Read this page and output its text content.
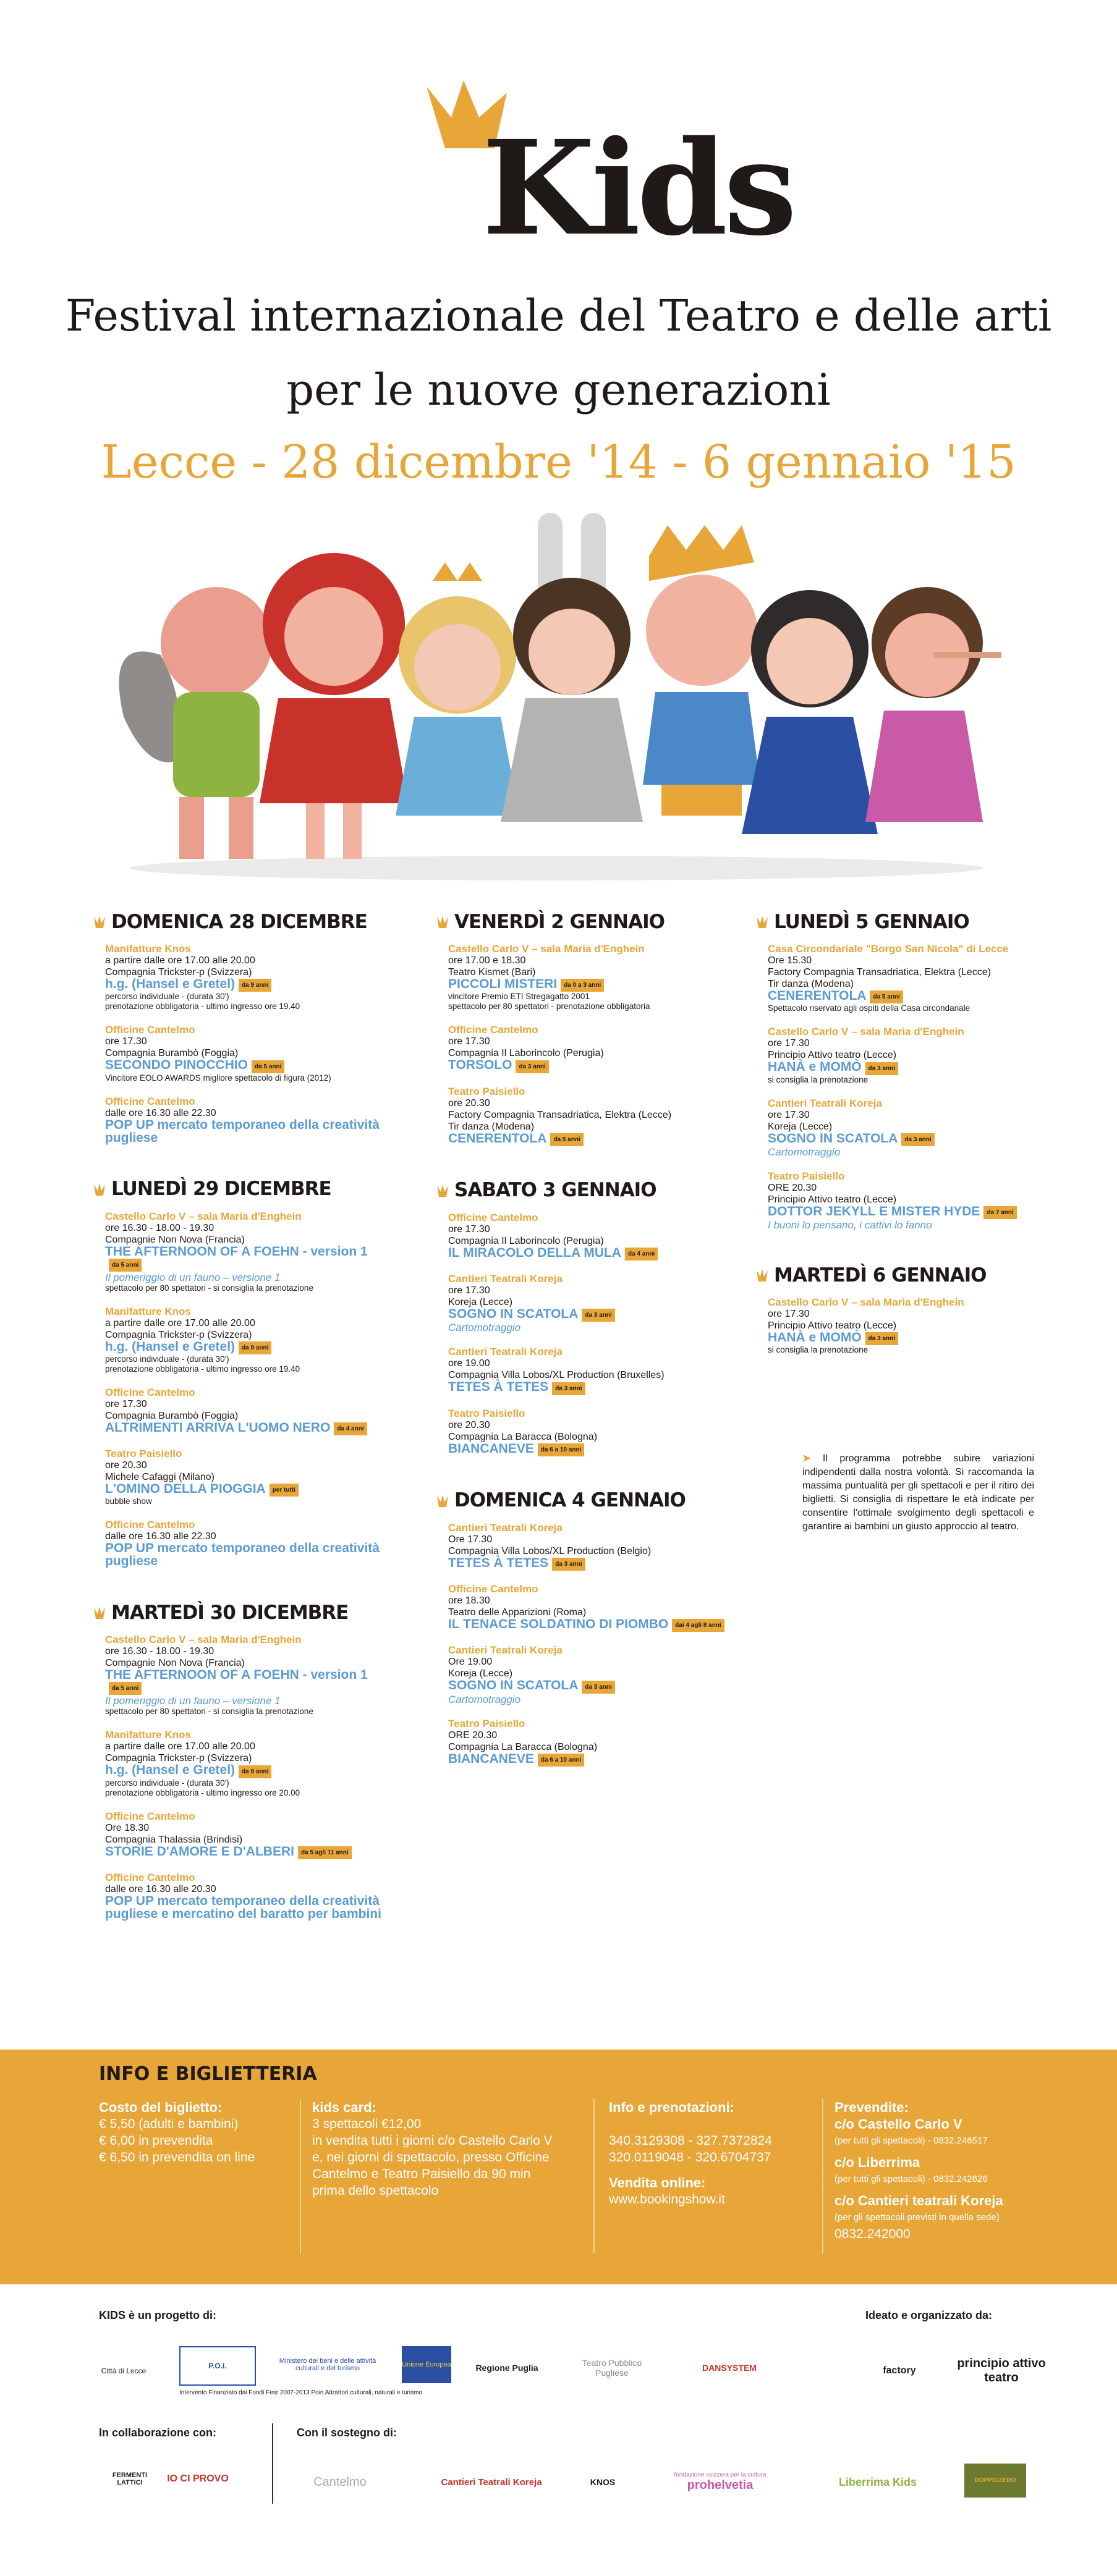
Kids
Festival internazionale del Teatro e delle arti
per le nuove generazioni
Lecce - 28 dicembre '14 - 6 gennaio '15
DOMENICA 28 DICEMBRE
Manifatture Knos
a partire dalle ore 17.00 alle 20.00
Compagnia Trickster-p (Svizzera)
h.g. (Hansel e Gretel) da 9 anni
percorso individuale - (durata 30')
prenotazione obbligatoria - ultimo ingresso ore 19.40
Officine Cantelmo
ore 17.30
Compagnia Burambò (Foggia)
SECONDO PINOCCHIO da 5 anni
Vincitore EOLO AWARDS migliore spettacolo di figura (2012)
Officine Cantelmo
dalle ore 16.30 alle 22.30
POP UP mercato temporaneo della creatività pugliese
LUNEDÌ 29 DICEMBRE
Castello Carlo V – sala Maria d'Enghein
ore 16.30 - 18.00 - 19.30
Compagnie Non Nova (Francia)
THE AFTERNOON OF A FOEHN - version 1da 5 anni
Il pomeriggio di un fauno – versione 1
spettacolo per 80 spettatori - si consiglia la prenotazione
Manifatture Knos
a partire dalle ore 17.00 alle 20.00
Compagnia Trickster-p (Svizzera)
h.g. (Hansel e Gretel) da 9 anni
percorso individuale - (durata 30')
prenotazione obbligatoria - ultimo ingresso ore 19.40
Officine Cantelmo
ore 17.30
Compagnia Burambò (Foggia)
ALTRIMENTI ARRIVA L'UOMO NERO da 4 anni
Teatro Paisiello
ore 20.30
Michele Cafaggi (Milano)
L'OMINO DELLA PIOGGIA per tutti
bubble show
Officine Cantelmo
dalle ore 16.30 alle 22.30
POP UP mercato temporaneo della creatività pugliese
MARTEDÌ 30 DICEMBRE
Castello Carlo V – sala Maria d'Enghein
ore 16.30 - 18.00 - 19.30
Compagnie Non Nova (Francia)
THE AFTERNOON OF A FOEHN - version 1da 5 anni
Il pomeriggio di un fauno – versione 1
spettacolo per 80 spettatori - si consiglia la prenotazione
Manifatture Knos
a partire dalle ore 17.00 alle 20.00
Compagnia Trickster-p (Svizzera)
h.g. (Hansel e Gretel) da 9 anni
percorso individuale - (durata 30')
prenotazione obbligatoria - ultimo ingresso ore 20.00
Officine Cantelmo
Ore 18.30
Compagnia Thalassia (Brindisi)
STORIE D'AMORE E D'ALBERI da 5 agli 11 anni
Officine Cantelmo
dalle ore 16.30 alle 20.30
POP UP mercato temporaneo della creatività pugliese e mercatino del baratto per bambini
VENERDÌ 2 GENNAIO
Castello Carlo V – sala Maria d'Enghein
ore 17.00 e 18.30
Teatro Kismet (Bari)
PICCOLI MISTERI da 0 a 3 anni
vincitore Premio ETI Stregagatto 2001
spettacolo per 80 spettatori - prenotazione obbligatoria
Officine Cantelmo
ore 17.30
Compagnia Il Laborincolo (Perugia)
TORSOLO da 3 anni
Teatro Paisiello
ore 20.30
Factory Compagnia Transadriatica, Elektra (Lecce)
Tir danza (Modena)
CENERENTOLA da 5 anni
SABATO 3 GENNAIO
Officine Cantelmo
ore 17.30
Compagnia Il Laborincolo (Perugia)
IL MIRACOLO DELLA MULA da 4 anni
Cantieri Teatrali Koreja
ore 17.30
Koreja (Lecce)
SOGNO IN SCATOLA da 3 anni
Cartomotraggio
Cantieri Teatrali Koreja
ore 19.00
Compagnia Villa Lobos/XL Production (Bruxelles)
TETES À TETES da 3 anni
Teatro Paisiello
ore 20.30
Compagnia La Baracca (Bologna)
BIANCANEVE da 6 a 10 anni
DOMENICA 4 GENNAIO
Cantieri Teatrali Koreja
Ore 17.30
Compagnia Villa Lobos/XL Production (Belgio)
TETES À TETES da 3 anni
Officine Cantelmo
ore 18.30
Teatro delle Apparizioni (Roma)
IL TENACE SOLDATINO DI PIOMBO dai 4 agli 8 anni
Cantieri Teatrali Koreja
Ore 19.00
Koreja (Lecce)
SOGNO IN SCATOLA da 3 anni
Cartomotraggio
Teatro Paisiello
ORE 20.30
Compagnia La Baracca (Bologna)
BIANCANEVE da 6 a 10 anni
LUNEDÌ 5 GENNAIO
Casa Circondariale "Borgo San Nicola" di Lecce
Ore 15.30
Factory Compagnia Transadriatica, Elektra (Lecce)
Tir danza (Modena)
CENERENTOLA da 5 anni
Spettacolo riservato agli ospiti della Casa circondariale
Castello Carlo V – sala Maria d'Enghein
ore 17.30
Principio Attivo teatro (Lecce)
HANÀ e MOMÒ da 3 anni
si consiglia la prenotazione
Cantieri Teatrali Koreja
ore 17.30
Koreja (Lecce)
SOGNO IN SCATOLA da 3 anni
Cartomotraggio
Teatro Paisiello
ORE 20.30
Principio Attivo teatro (Lecce)
DOTTOR JEKYLL E MISTER HYDE da 7 anni
I buoni lo pensano, i cattivi lo fanno
MARTEDÌ 6 GENNAIO
Castello Carlo V – sala Maria d'Enghein
ore 17.30
Principio Attivo teatro (Lecce)
HANÀ e MOMÒ da 3 anni
si consiglia la prenotazione
➤ Il programma potrebbe subire variazioni indipendenti dalla nostra volontà. Si raccomanda la massima puntualità per gli spettacoli e per il ritiro dei biglietti. Si consiglia di rispettare le età indicate per consentire l'ottimale svolgimento degli spettacoli e garantire ai bambini un giusto approccio al teatro.
INFO E BIGLIETTERIA
Costo del biglietto:
€ 5,50 (adulti e bambini)
€ 6,00 in prevendita
€ 6,50 in prevendita on line
kids card:
3 spettacoli €12,00
in vendita tutti i giorni c/o Castello Carlo V
e, nei giorni di spettacolo, presso Officine
Cantelmo e Teatro Paisiello da 90 min
prima dello spettacolo
Info e prenotazioni:
340.3129308 - 327.7372824
320.0119048 - 320.6704737
Vendita online:
www.bookingshow.it
Prevendite:
c/o Castello Carlo V
(per tutti gli spettacoli) - 0832.246517
c/o Liberrima
(per tutti gli spettacoli) - 0832.242626
c/o Cantieri teatrali Koreja
(per gli spettacoli previsti in quella sede)
0832.242000
KIDS è un progetto di:	Ideato e organizzato da:
Città di Lecce
P.O.I.
Ministero dei beni e delle attività culturali e del turismo	Unione Europea	Regione Puglia	Teatro Pubblico Pugliese	DANSYSTEM
Intervento Finanziato dai Fondi Fesr 2007-2013 Poin Attrattori culturali, naturali e turismo
factory
principio attivo teatro
In collaborazione con:	Con il sostegno di:
FERMENTI LATTICI	IO CI PROVO	Cantelmo	Cantieri Teatrali Koreja	KNOS
fondazione svizzera per la cultura
prohelvetia	Liberrima Kids	DOPPIOZERO
